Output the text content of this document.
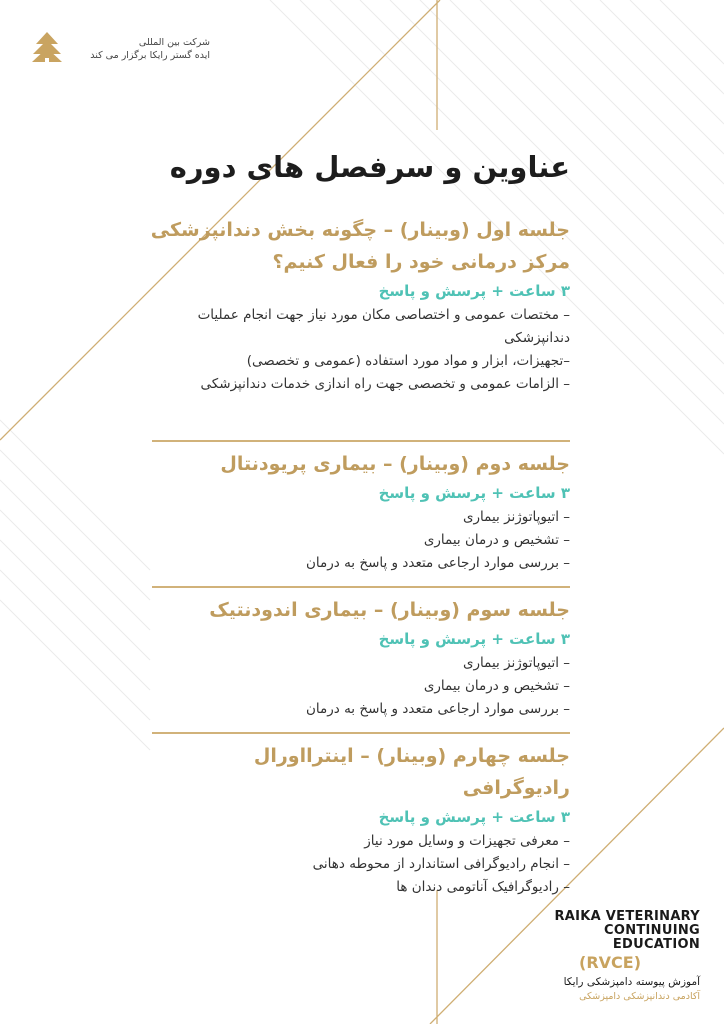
شرکت بین المللی
ایده گستر رایکا برگزار می کند
عناوین و سرفصل های دوره

جلسه اول (وبینار) – چگونه بخش دندانپزشکی مرکز درمانی خود را فعال کنیم؟

۳ ساعت + پرسش و پاسخ

– مختصات عمومی و اختصاصی مکان مورد نیاز جهت انجام عملیات دندانپزشکی
–تجهیزات، ابزار و مواد مورد استفاده (عمومی و تخصصی)
– الزامات عمومی و تخصصی جهت راه اندازی خدمات دندانپزشکی

جلسه دوم (وبینار) – بیماری پریودنتال

۳ ساعت + پرسش و پاسخ

– اتیوپاتوژنز بیماری
– تشخیص و درمان بیماری
– بررسی موارد ارجاعی متعدد و پاسخ به درمان

جلسه سوم (وبینار) – بیماری اندودنتیک

۳ ساعت + پرسش و پاسخ

– اتیوپاتوژنز بیماری
– تشخیص و درمان بیماری
– بررسی موارد ارجاعی متعدد و پاسخ به درمان

جلسه چهارم (وبینار) – اینترااورال رادیوگرافی

۳ ساعت + پرسش و پاسخ

– معرفی تجهیزات و وسایل مورد نیاز
– انجام رادیوگرافی استاندارد از محوطه دهانی
– رادیوگرافیک آناتومی دندان ها
RAIKA VETERINARY
CONTINUING EDUCATION
(RVCE)
آموزش پیوسته دامپزشکی رایکا
آکادمی دندانپزشکی دامپزشکی
